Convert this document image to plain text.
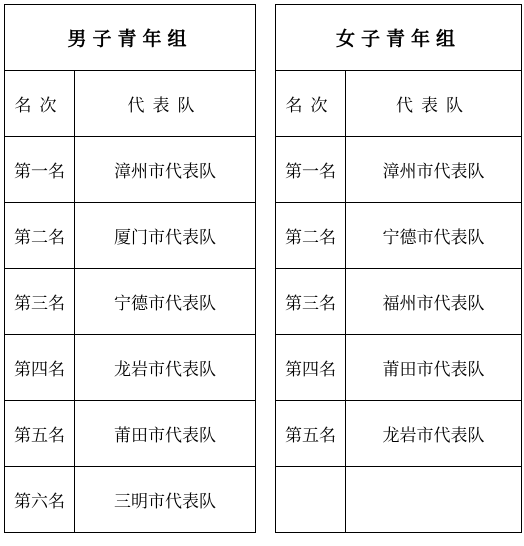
男子青年组	
名次	代表队
第一名	漳州市代表队
第二名	厦门市代表队
第三名	宁德市代表队
第四名	龙岩市代表队
第五名	莆田市代表队
第六名	三明市代表队
女子青年组	
名次	代表队
第一名	漳州市代表队
第二名	宁德市代表队
第三名	福州市代表队
第四名	莆田市代表队
第五名	龙岩市代表队
